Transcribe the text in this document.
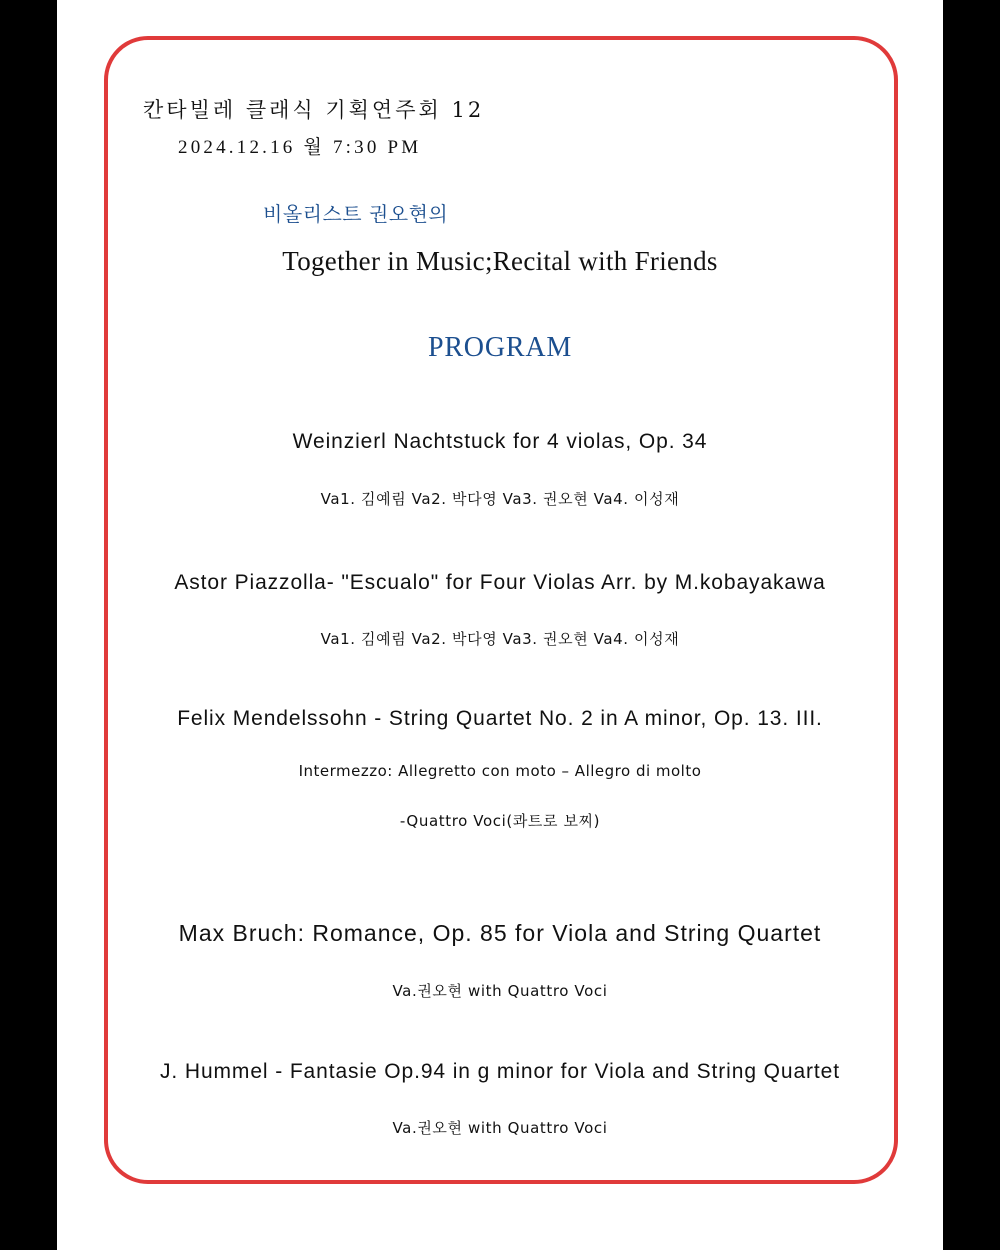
칸타빌레 클래식 기획연주회 12
2024.12.16 월 7:30 PM
비올리스트 권오현의
Together in Music;Recital with Friends
PROGRAM
Weinzierl Nachtstuck for 4 violas, Op. 34
Va1. 김예림 Va2. 박다영 Va3. 권오현 Va4. 이성재
Astor Piazzolla- "Escualo" for Four Violas Arr. by M.kobayakawa
Va1. 김예림 Va2. 박다영 Va3. 권오현 Va4. 이성재
Felix Mendelssohn - String Quartet No. 2 in A minor, Op. 13. III.
Intermezzo: Allegretto con moto – Allegro di molto
-Quattro Voci(콰트로 보찌)
Max Bruch: Romance, Op. 85 for Viola and String Quartet
Va.권오현 with Quattro Voci
J. Hummel - Fantasie Op.94 in g minor for Viola and String Quartet
Va.권오현 with Quattro Voci
